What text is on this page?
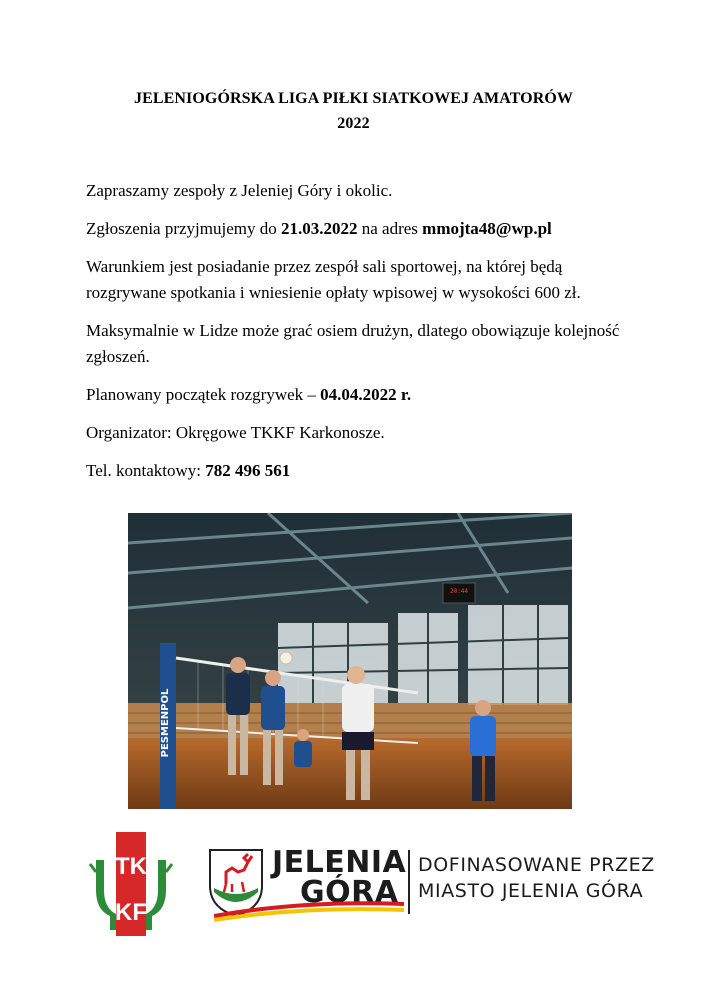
JELENIOGÓRSKA LIGA PIŁKI SIATKOWEJ AMATORÓW
2022

Zapraszamy zespoły z Jeleniej Góry i okolic.

Zgłoszenia przyjmujemy do 21.03.2022 na adres mmojta48@wp.pl

Warunkiem jest posiadanie przez zespół sali sportowej, na której będą rozgrywane spotkania i wniesienie opłaty wpisowej w wysokości 600 zł.

Maksymalnie w Lidze może grać osiem drużyn, dlatego obowiązuje kolejność zgłoszeń.

Planowany początek rozgrywek – 04.04.2022 r.

Organizator: Okręgowe TKKF Karkonosze.

Tel. kontaktowy: 782 496 561

20:44
PESMENPOL
TK
KF
JELENIA
GÓRA
DOFINASOWANE PRZEZ
MIASTO JELENIA GÓRA
